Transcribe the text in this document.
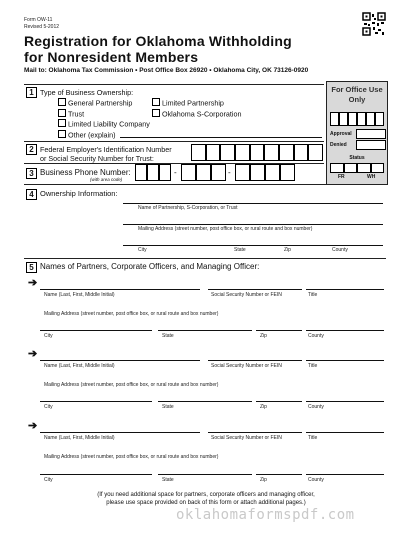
Form OW-11
Revised 5-2012
Registration for Oklahoma Withholding
for Nonresident Members
Mail to: Oklahoma Tax Commission • Post Office Box 26920 • Oklahoma City, OK 73126-0920
For Office Use Only
Approval
Denied
Status
FR	WH
1 Type of Business Ownership:
General Partnership	Limited Partnership
Trust	Oklahoma S-Corporation
Limited Liability Company
Other (explain)
2 Federal Employer's Identification Number
or Social Security Number for Trust:
3 Business Phone Number:
(with area code)
-	-
4 Ownership Information:
Name of Partnership, S-Corporation, or Trust
Mailing Address (street number, post office box, or rural route and box number)
City	State	Zip	County
5 Names of Partners, Corporate Officers, and Managing Officer:
➔
Name (Last, First, Middle Initial)	Social Security Number or FEIN	Title
Mailing Address (street number, post office box, or rural route and box number)
City	State	Zip	County
➔
Name (Last, First, Middle Initial)	Social Security Number or FEIN	Title
Mailing Address (street number, post office box, or rural route and box number)
City	State	Zip	County
➔
Name (Last, First, Middle Initial)	Social Security Number or FEIN	Title
Mailing Address (street number, post office box, or rural route and box number)
City	State	Zip	County
(If you need additional space for partners, corporate officers and managing officer,
please use space provided on back of this form or attach additional pages.)
oklahomaformspdf.com
